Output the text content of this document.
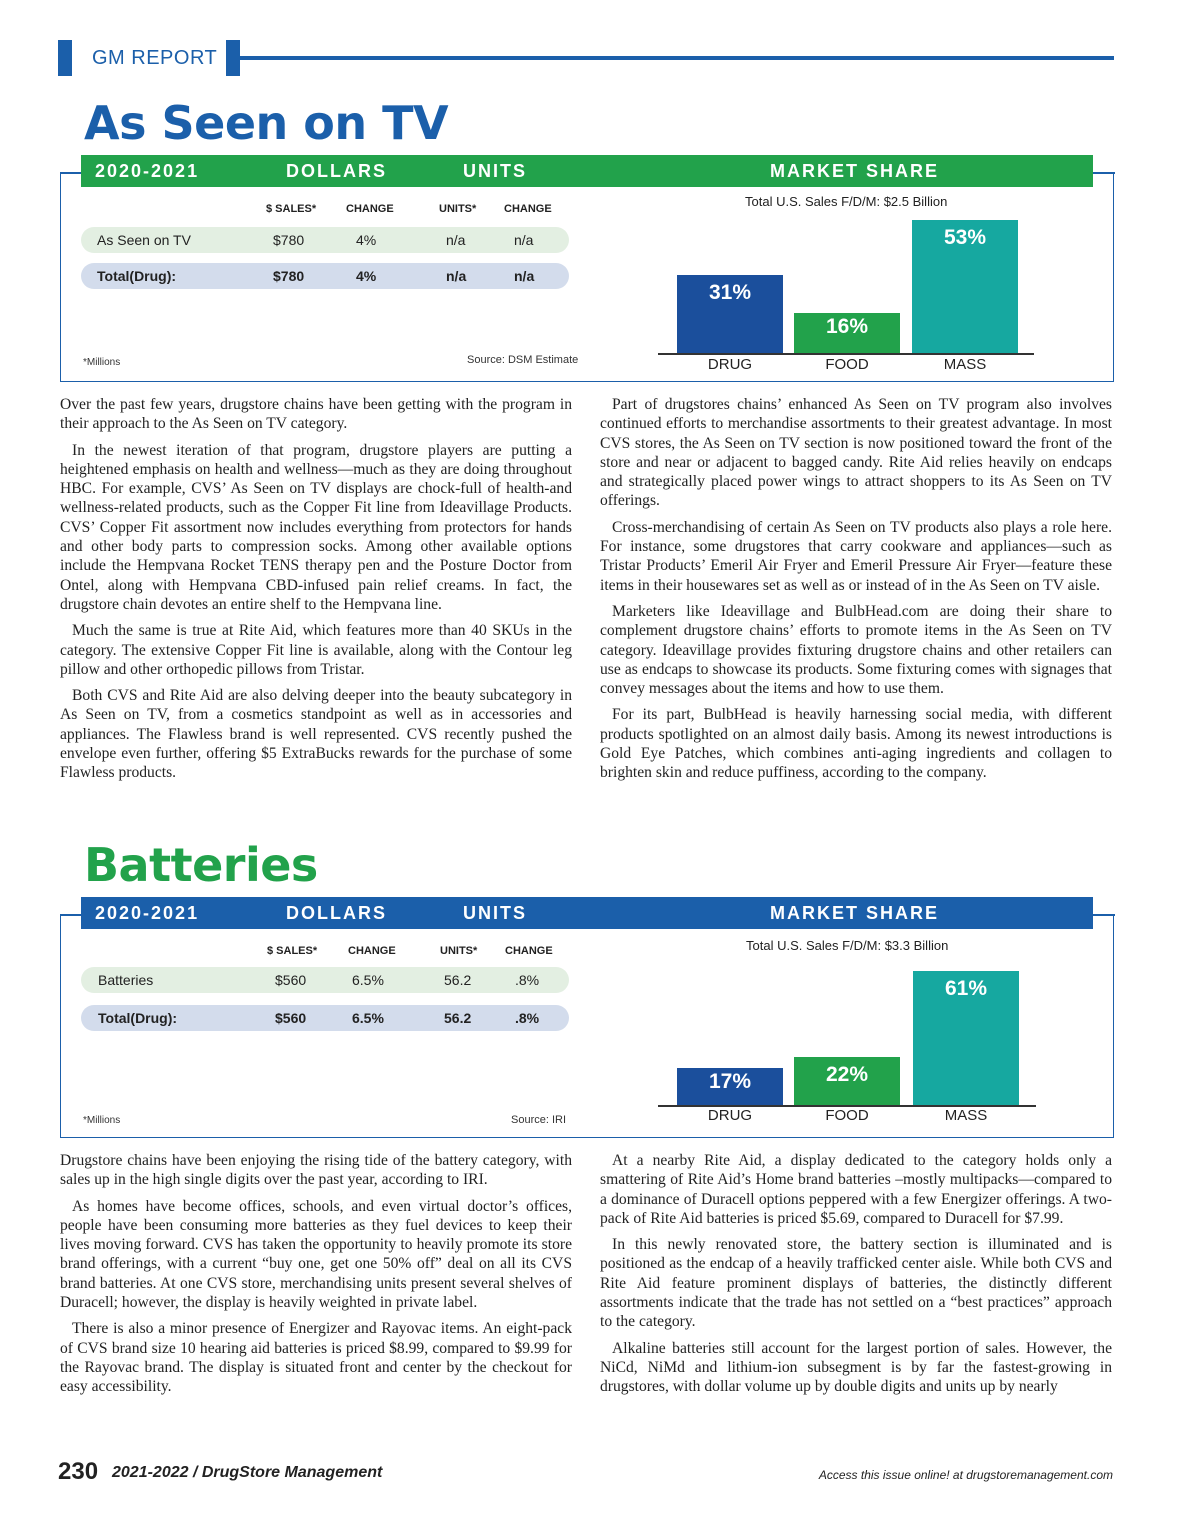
GM REPORT
As Seen on TV
2020-2021	DOLLARS	UNITS	MARKET SHARE
$ SALES*	CHANGE	UNITS*	CHANGE
As Seen on TV	$780	4%	n/a	n/a
Total(Drug):	$780	4%	n/a	n/a
*Millions	Source: DSM Estimate
Total U.S. Sales F/D/M: $2.5 Billion
31%
DRUG
16%
FOOD
53%
MASS

Over the past few years, drugstore chains have been getting with the program in their approach to the As Seen on TV category.

In the newest iteration of that program, drugstore players are putting a heightened emphasis on health and wellness—much as they are doing throughout HBC. For example, CVS’ As Seen on TV displays are chock-full of health-and wellness-related products, such as the Copper Fit line from Ideavillage Products. CVS’ Copper Fit assortment now includes everything from protectors for hands and other body parts to compression socks. Among other available options include the Hempvana Rocket TENS therapy pen and the Posture Doctor from Ontel, along with Hempvana CBD-infused pain relief creams. In fact, the drugstore chain devotes an entire shelf to the Hempvana line.

Much the same is true at Rite Aid, which features more than 40 SKUs in the category. The extensive Copper Fit line is available, along with the Contour leg pillow and other orthopedic pillows from Tristar.

Both CVS and Rite Aid are also delving deeper into the beauty subcategory in As Seen on TV, from a cosmetics standpoint as well as in accessories and appliances. The Flawless brand is well represented. CVS recently pushed the envelope even further, offering $5 ExtraBucks rewards for the purchase of some Flawless products.

Part of drugstores chains’ enhanced As Seen on TV program also involves continued efforts to merchandise assortments to their greatest advantage. In most CVS stores, the As Seen on TV section is now positioned toward the front of the store and near or adjacent to bagged candy. Rite Aid relies heavily on endcaps and strategically placed power wings to attract shoppers to its As Seen on TV offerings.

Cross-merchandising of certain As Seen on TV products also plays a role here. For instance, some drugstores that carry cookware and appliances—such as Tristar Products’ Emeril Air Fryer and Emeril Pressure Air Fryer—feature these items in their housewares set as well as or instead of in the As Seen on TV aisle.

Marketers like Ideavillage and BulbHead.com are doing their share to complement drugstore chains’ efforts to promote items in the As Seen on TV category. Ideavillage provides fixturing drugstore chains and other retailers can use as endcaps to showcase its products. Some fixturing comes with signages that convey messages about the items and how to use them.

For its part, BulbHead is heavily harnessing social media, with different products spotlighted on an almost daily basis. Among its newest introductions is Gold Eye Patches, which combines anti-aging ingredients and collagen to brighten skin and reduce puffiness, according to the company.

Batteries
2020-2021	DOLLARS	UNITS	MARKET SHARE
$ SALES*	CHANGE	UNITS*	CHANGE
Batteries	$560	6.5%	56.2	.8%
Total(Drug):	$560	6.5%	56.2	.8%
*Millions	Source: IRI
Total U.S. Sales F/D/M: $3.3 Billion
17%
DRUG
22%
FOOD
61%
MASS

Drugstore chains have been enjoying the rising tide of the battery category, with sales up in the high single digits over the past year, according to IRI.

As homes have become offices, schools, and even virtual doctor’s offices, people have been consuming more batteries as they fuel devices to keep their lives moving forward. CVS has taken the opportunity to heavily promote its store brand offerings, with a current “buy one, get one 50% off” deal on all its CVS brand batteries. At one CVS store, merchandising units present several shelves of Duracell; however, the display is heavily weighted in private label.

There is also a minor presence of Energizer and Rayovac items. An eight-pack of CVS brand size 10 hearing aid batteries is priced $8.99, compared to $9.99 for the Rayovac brand. The display is situated front and center by the checkout for easy accessibility.

At a nearby Rite Aid, a display dedicated to the category holds only a smattering of Rite Aid’s Home brand batteries –mostly multipacks—compared to a dominance of Duracell options peppered with a few Energizer offerings. A two-pack of Rite Aid batteries is priced $5.69, compared to Duracell for $7.99.

In this newly renovated store, the battery section is illuminated and is positioned as the endcap of a heavily trafficked center aisle. While both CVS and Rite Aid feature prominent displays of batteries, the distinctly different assortments indicate that the trade has not settled on a “best practices” approach to the category.

Alkaline batteries still account for the largest portion of sales. However, the NiCd, NiMd and lithium-ion subsegment is by far the fastest-growing in drugstores, with dollar volume up by double digits and units up by nearly

230 2021-2022 / DrugStore Management	Access this issue online! at drugstoremanagement.com
